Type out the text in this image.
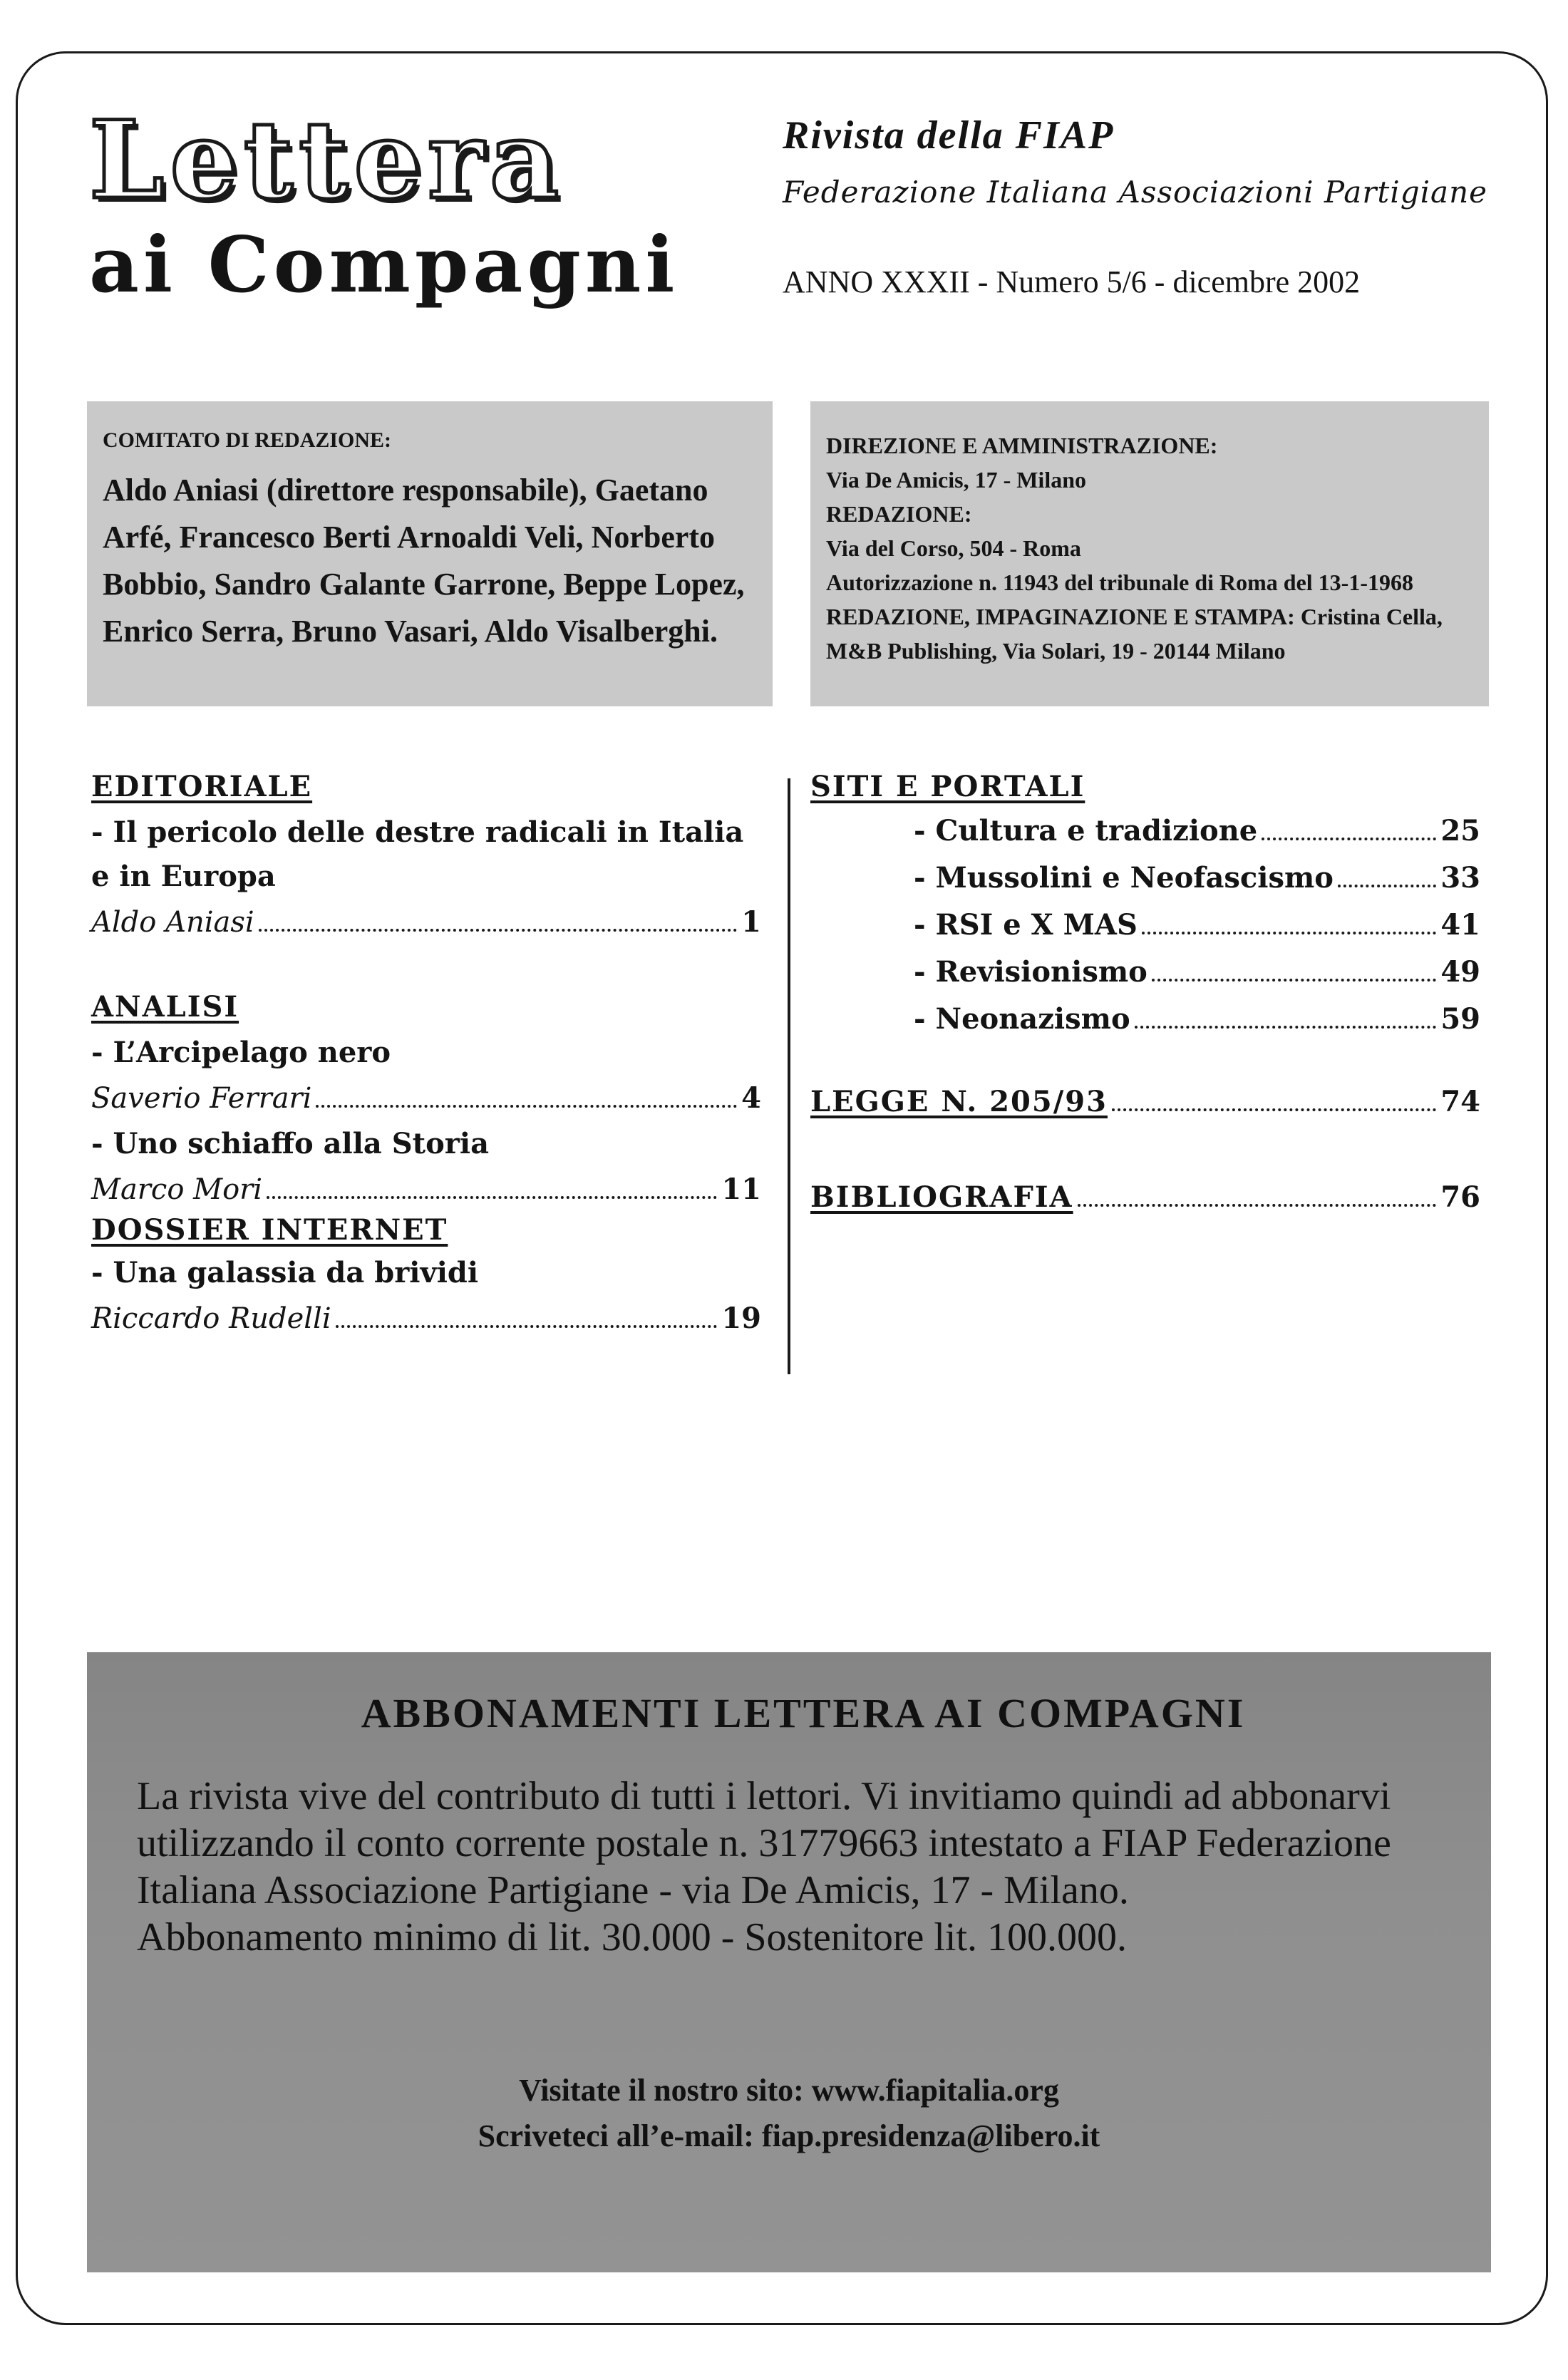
Lettera
ai Compagni
Rivista della FIAP
Federazione Italiana Associazioni Partigiane
ANNO XXXII - Numero 5/6 - dicembre 2002
COMITATO DI REDAZIONE:
Aldo Aniasi (direttore responsabile), Gaetano Arfé, Francesco Berti Arnoaldi Veli, Norberto Bobbio, Sandro Galante Garrone, Beppe Lopez, Enrico Serra, Bruno Vasari, Aldo Visalberghi.
DIREZIONE E AMMINISTRAZIONE:
Via De Amicis, 17 - Milano
REDAZIONE:
Via del Corso, 504 - Roma
Autorizzazione n. 11943 del tribunale di Roma del 13-1-1968
REDAZIONE, IMPAGINAZIONE E STAMPA: Cristina Cella,
M&B Publishing, Via Solari, 19 - 20144 Milano
EDITORIALE
- Il pericolo delle destre radicali in Italia
e in Europa
Aldo Aniasi	1
ANALISI
- L’Arcipelago nero
Saverio Ferrari	4
- Uno schiaffo alla Storia
Marco Mori	11
DOSSIER INTERNET
- Una galassia da brividi
Riccardo Rudelli	19
SITI E PORTALI
- Cultura e tradizione	25
- Mussolini e Neofascismo	33
- RSI e X MAS	41
- Revisionismo	49
- Neonazismo	59
LEGGE N. 205/93	74
BIBLIOGRAFIA	76
ABBONAMENTI LETTERA AI COMPAGNI
La rivista vive del contributo di tutti i lettori. Vi invitiamo quindi ad abbonarvi utilizzando il conto corrente postale n. 31779663 intestato a FIAP Federazione Italiana Associazione Partigiane - via De Amicis, 17 - Milano.
Abbonamento minimo di lit. 30.000 - Sostenitore lit. 100.000.
Visitate il nostro sito: www.fiapitalia.org
Scriveteci all’e-mail: fiap.presidenza@libero.it
